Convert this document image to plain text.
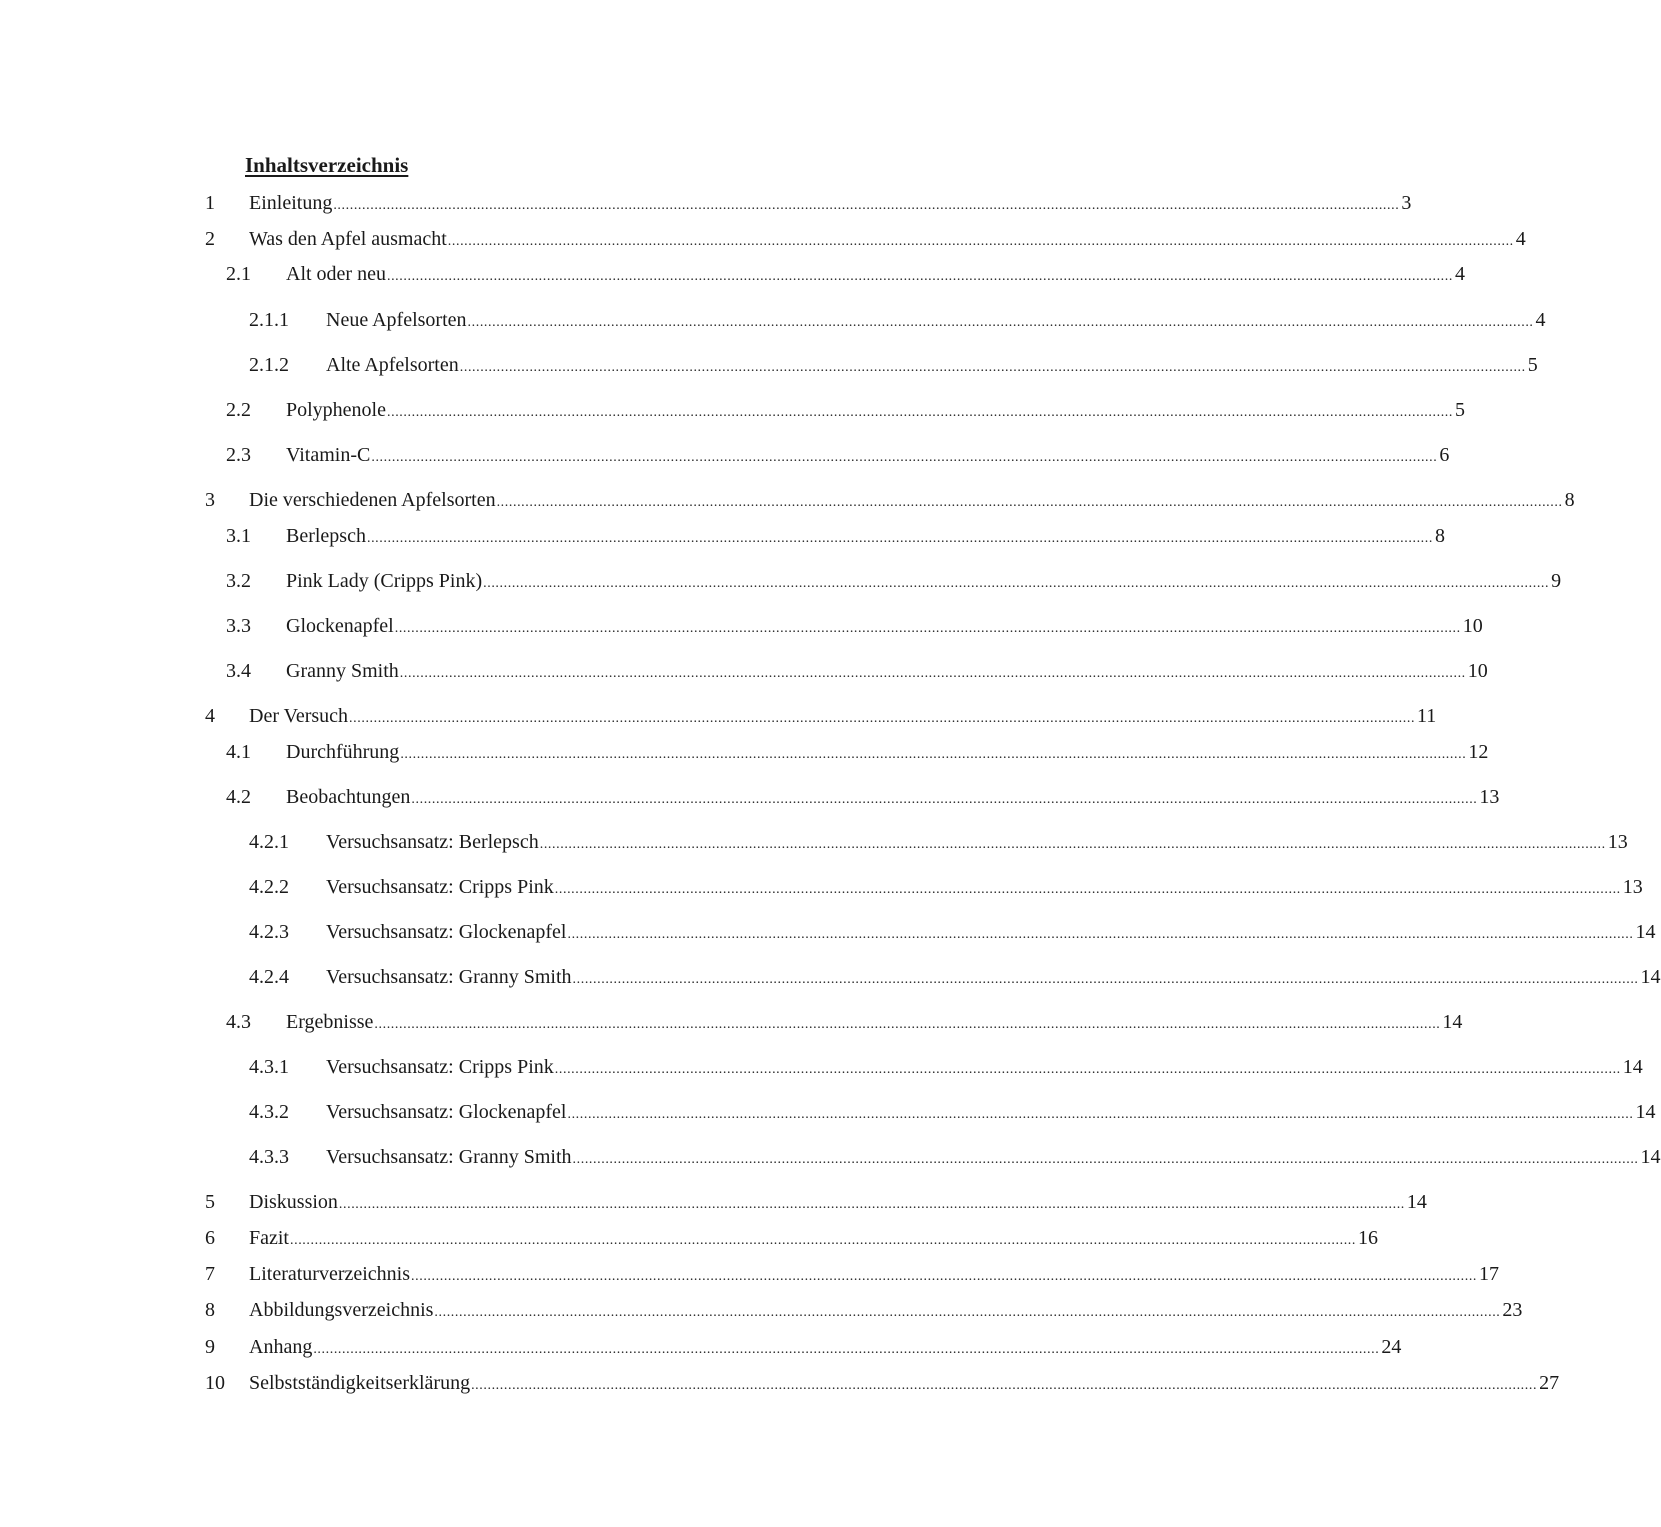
Inhaltsverzeichnis
1 Einleitung .................................................................................................................................................................................................................................................................... 3
2 Was den Apfel ausmacht .................................................................................................................................................................................................................................................................... 4
2.1 Alt oder neu .................................................................................................................................................................................................................................................................... 4
2.1.1 Neue Apfelsorten .................................................................................................................................................................................................................................................................... 4
2.1.2 Alte Apfelsorten .................................................................................................................................................................................................................................................................... 5
2.2 Polyphenole .................................................................................................................................................................................................................................................................... 5
2.3 Vitamin-C .................................................................................................................................................................................................................................................................... 6
3 Die verschiedenen Apfelsorten .................................................................................................................................................................................................................................................................... 8
3.1 Berlepsch .................................................................................................................................................................................................................................................................... 8
3.2 Pink Lady (Cripps Pink) .................................................................................................................................................................................................................................................................... 9
3.3 Glockenapfel .................................................................................................................................................................................................................................................................... 10
3.4 Granny Smith .................................................................................................................................................................................................................................................................... 10
4 Der Versuch .................................................................................................................................................................................................................................................................... 11
4.1 Durchführung .................................................................................................................................................................................................................................................................... 12
4.2 Beobachtungen .................................................................................................................................................................................................................................................................... 13
4.2.1 Versuchsansatz: Berlepsch .................................................................................................................................................................................................................................................................... 13
4.2.2 Versuchsansatz: Cripps Pink .................................................................................................................................................................................................................................................................... 13
4.2.3 Versuchsansatz: Glockenapfel .................................................................................................................................................................................................................................................................... 14
4.2.4 Versuchsansatz: Granny Smith .................................................................................................................................................................................................................................................................... 14
4.3 Ergebnisse .................................................................................................................................................................................................................................................................... 14
4.3.1 Versuchsansatz: Cripps Pink .................................................................................................................................................................................................................................................................... 14
4.3.2 Versuchsansatz: Glockenapfel .................................................................................................................................................................................................................................................................... 14
4.3.3 Versuchsansatz: Granny Smith .................................................................................................................................................................................................................................................................... 14
5 Diskussion .................................................................................................................................................................................................................................................................... 14
6 Fazit .................................................................................................................................................................................................................................................................... 16
7 Literaturverzeichnis .................................................................................................................................................................................................................................................................... 17
8 Abbildungsverzeichnis .................................................................................................................................................................................................................................................................... 23
9 Anhang .................................................................................................................................................................................................................................................................... 24
10 Selbstständigkeitserklärung .................................................................................................................................................................................................................................................................... 27
